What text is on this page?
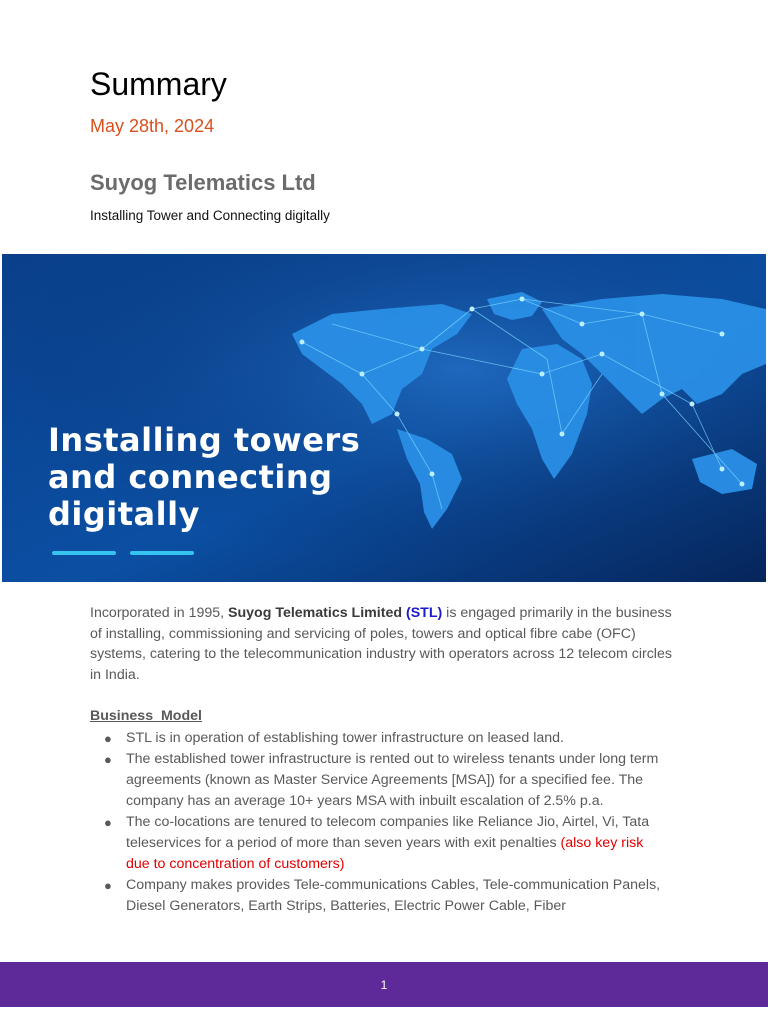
Summary
May 28th, 2024
Suyog Telematics Ltd
Installing Tower and Connecting digitally
Installing towers
and connecting
digitally

Incorporated in 1995, Suyog Telematics Limited (STL) is engaged primarily in the business of installing, commissioning and servicing of poles, towers and optical fibre cabe (OFC) systems, catering to the telecommunication industry with operators across 12 telecom circles in India.

Business  Model
● STL is in operation of establishing tower infrastructure on leased land.
● The established tower infrastructure is rented out to wireless tenants under long term agreements (known as Master Service Agreements [MSA]) for a specified fee. The company has an average 10+ years MSA with inbuilt escalation of 2.5% p.a.
● The co-locations are tenured to telecom companies like Reliance Jio, Airtel, Vi, Tata teleservices for a period of more than seven years with exit penalties (also key risk due to concentration of customers)
● Company makes provides Tele-communications Cables, Tele-communication Panels, Diesel Generators, Earth Strips, Batteries, Electric Power Cable, Fiber
1
